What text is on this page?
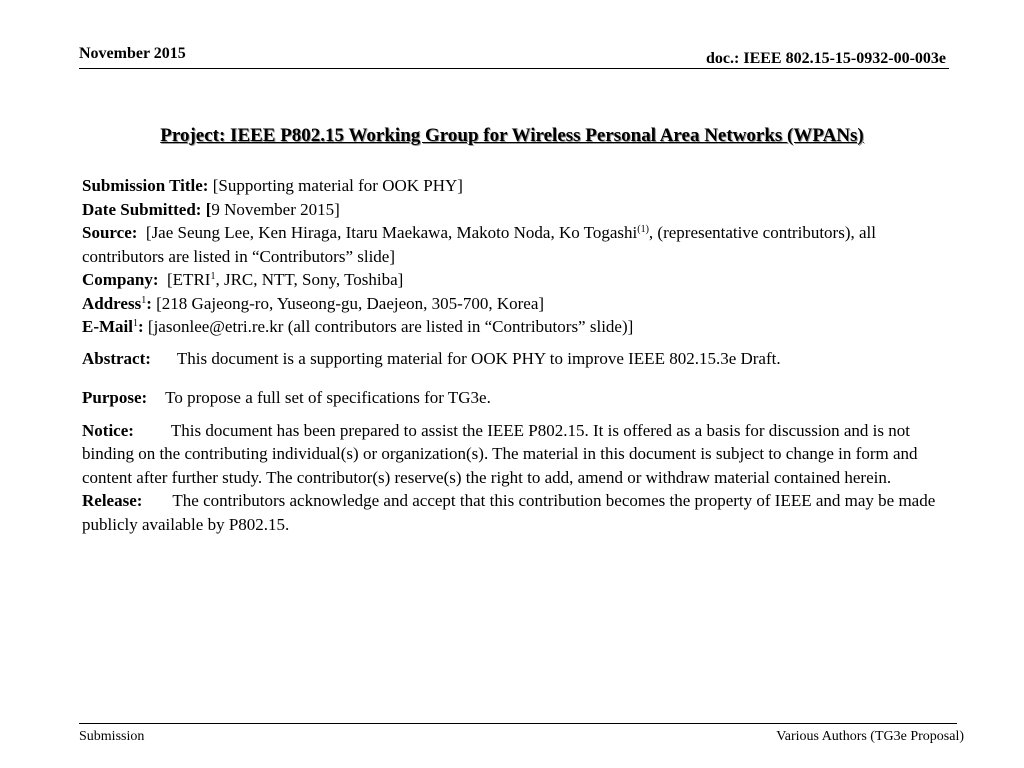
November 2015	doc.: IEEE 802.15-15-0932-00-003e
Project: IEEE P802.15 Working Group for Wireless Personal Area Networks (WPANs)
Submission Title: [Supporting material for OOK PHY]
Date Submitted: [9 November 2015]
Source:  [Jae Seung Lee, Ken Hiraga, Itaru Maekawa, Makoto Noda, Ko Togashi$^{(1)}$, (representative contributors), all contributors are listed in “Contributors” slide]
Company:  [ETRI$^1$, JRC, NTT, Sony, Toshiba]
Address$^1$: [218 Gajeong-ro, Yuseong-gu, Daejeon, 305-700, Korea]
E-Mail$^1$: [jasonlee@etri.re.kr (all contributors are listed in “Contributors” slide)]
Abstract: This document is a supporting material for OOK PHY to improve IEEE 802.15.3e Draft.
Purpose: To propose a full set of specifications for TG3e.
Notice: This document has been prepared to assist the IEEE P802.15. It is offered as a basis for discussion and is not binding on the contributing individual(s) or organization(s). The material in this document is subject to change in form and content after further study. The contributor(s) reserve(s) the right to add, amend or withdraw material contained herein.
Release: The contributors acknowledge and accept that this contribution becomes the property of IEEE and may be made publicly available by P802.15.
Submission	Various Authors (TG3e Proposal)
